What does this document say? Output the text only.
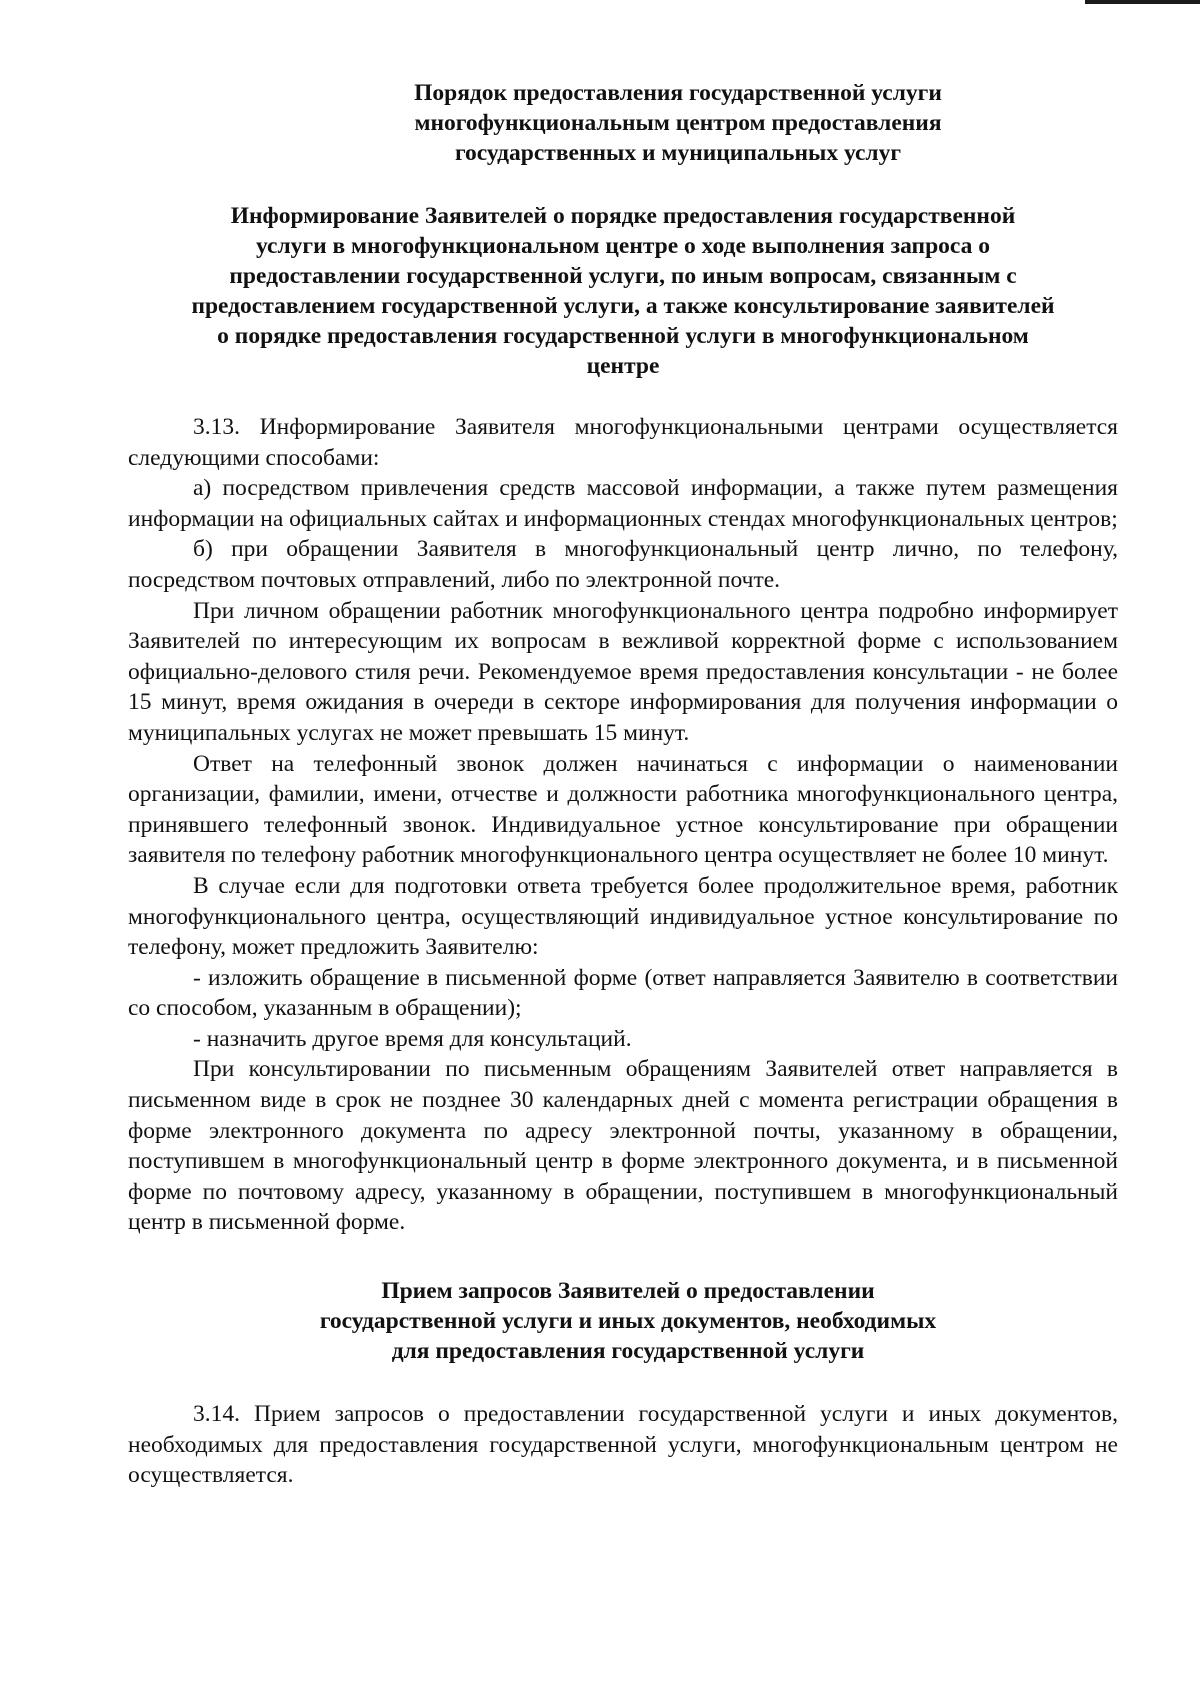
Порядок предоставления государственной услуги
многофункциональным центром предоставления
государственных и муниципальных услуг
Информирование Заявителей о порядке предоставления государственной
услуги в многофункциональном центре о ходе выполнения запроса о
предоставлении государственной услуги, по иным вопросам, связанным с
предоставлением государственной услуги, а также консультирование заявителей
о порядке предоставления государственной услуги в многофункциональном
центре

3.13. Информирование Заявителя многофункциональными центрами осуществляется следующими способами:

а) посредством привлечения средств массовой информации, а также путем размещения информации на официальных сайтах и информационных стендах многофункциональных центров;

б) при обращении Заявителя в многофункциональный центр лично, по телефону, посредством почтовых отправлений, либо по электронной почте.

При личном обращении работник многофункционального центра подробно информирует Заявителей по интересующим их вопросам в вежливой корректной форме с использованием официально-делового стиля речи. Рекомендуемое время предоставления консультации - не более 15 минут, время ожидания в очереди в секторе информирования для получения информации о муниципальных услугах не может превышать 15 минут.

Ответ на телефонный звонок должен начинаться с информации о наименовании организации, фамилии, имени, отчестве и должности работника многофункционального центра, принявшего телефонный звонок. Индивидуальное устное консультирование при обращении заявителя по телефону работник многофункционального центра осуществляет не более 10 минут.

В случае если для подготовки ответа требуется более продолжительное время, работник многофункционального центра, осуществляющий индивидуальное устное консультирование по телефону, может предложить Заявителю:

- изложить обращение в письменной форме (ответ направляется Заявителю в соответствии со способом, указанным в обращении);

- назначить другое время для консультаций.

При консультировании по письменным обращениям Заявителей ответ направляется в письменном виде в срок не позднее 30 календарных дней с момента регистрации обращения в форме электронного документа по адресу электронной почты, указанному в обращении, поступившем в многофункциональный центр в форме электронного документа, и в письменной форме по почтовому адресу, указанному в обращении, поступившем в многофункциональный центр в письменной форме.

Прием запросов Заявителей о предоставлении
государственной услуги и иных документов, необходимых
для предоставления государственной услуги

3.14. Прием запросов о предоставлении государственной услуги и иных документов, необходимых для предоставления государственной услуги, многофункциональным центром не осуществляется.
